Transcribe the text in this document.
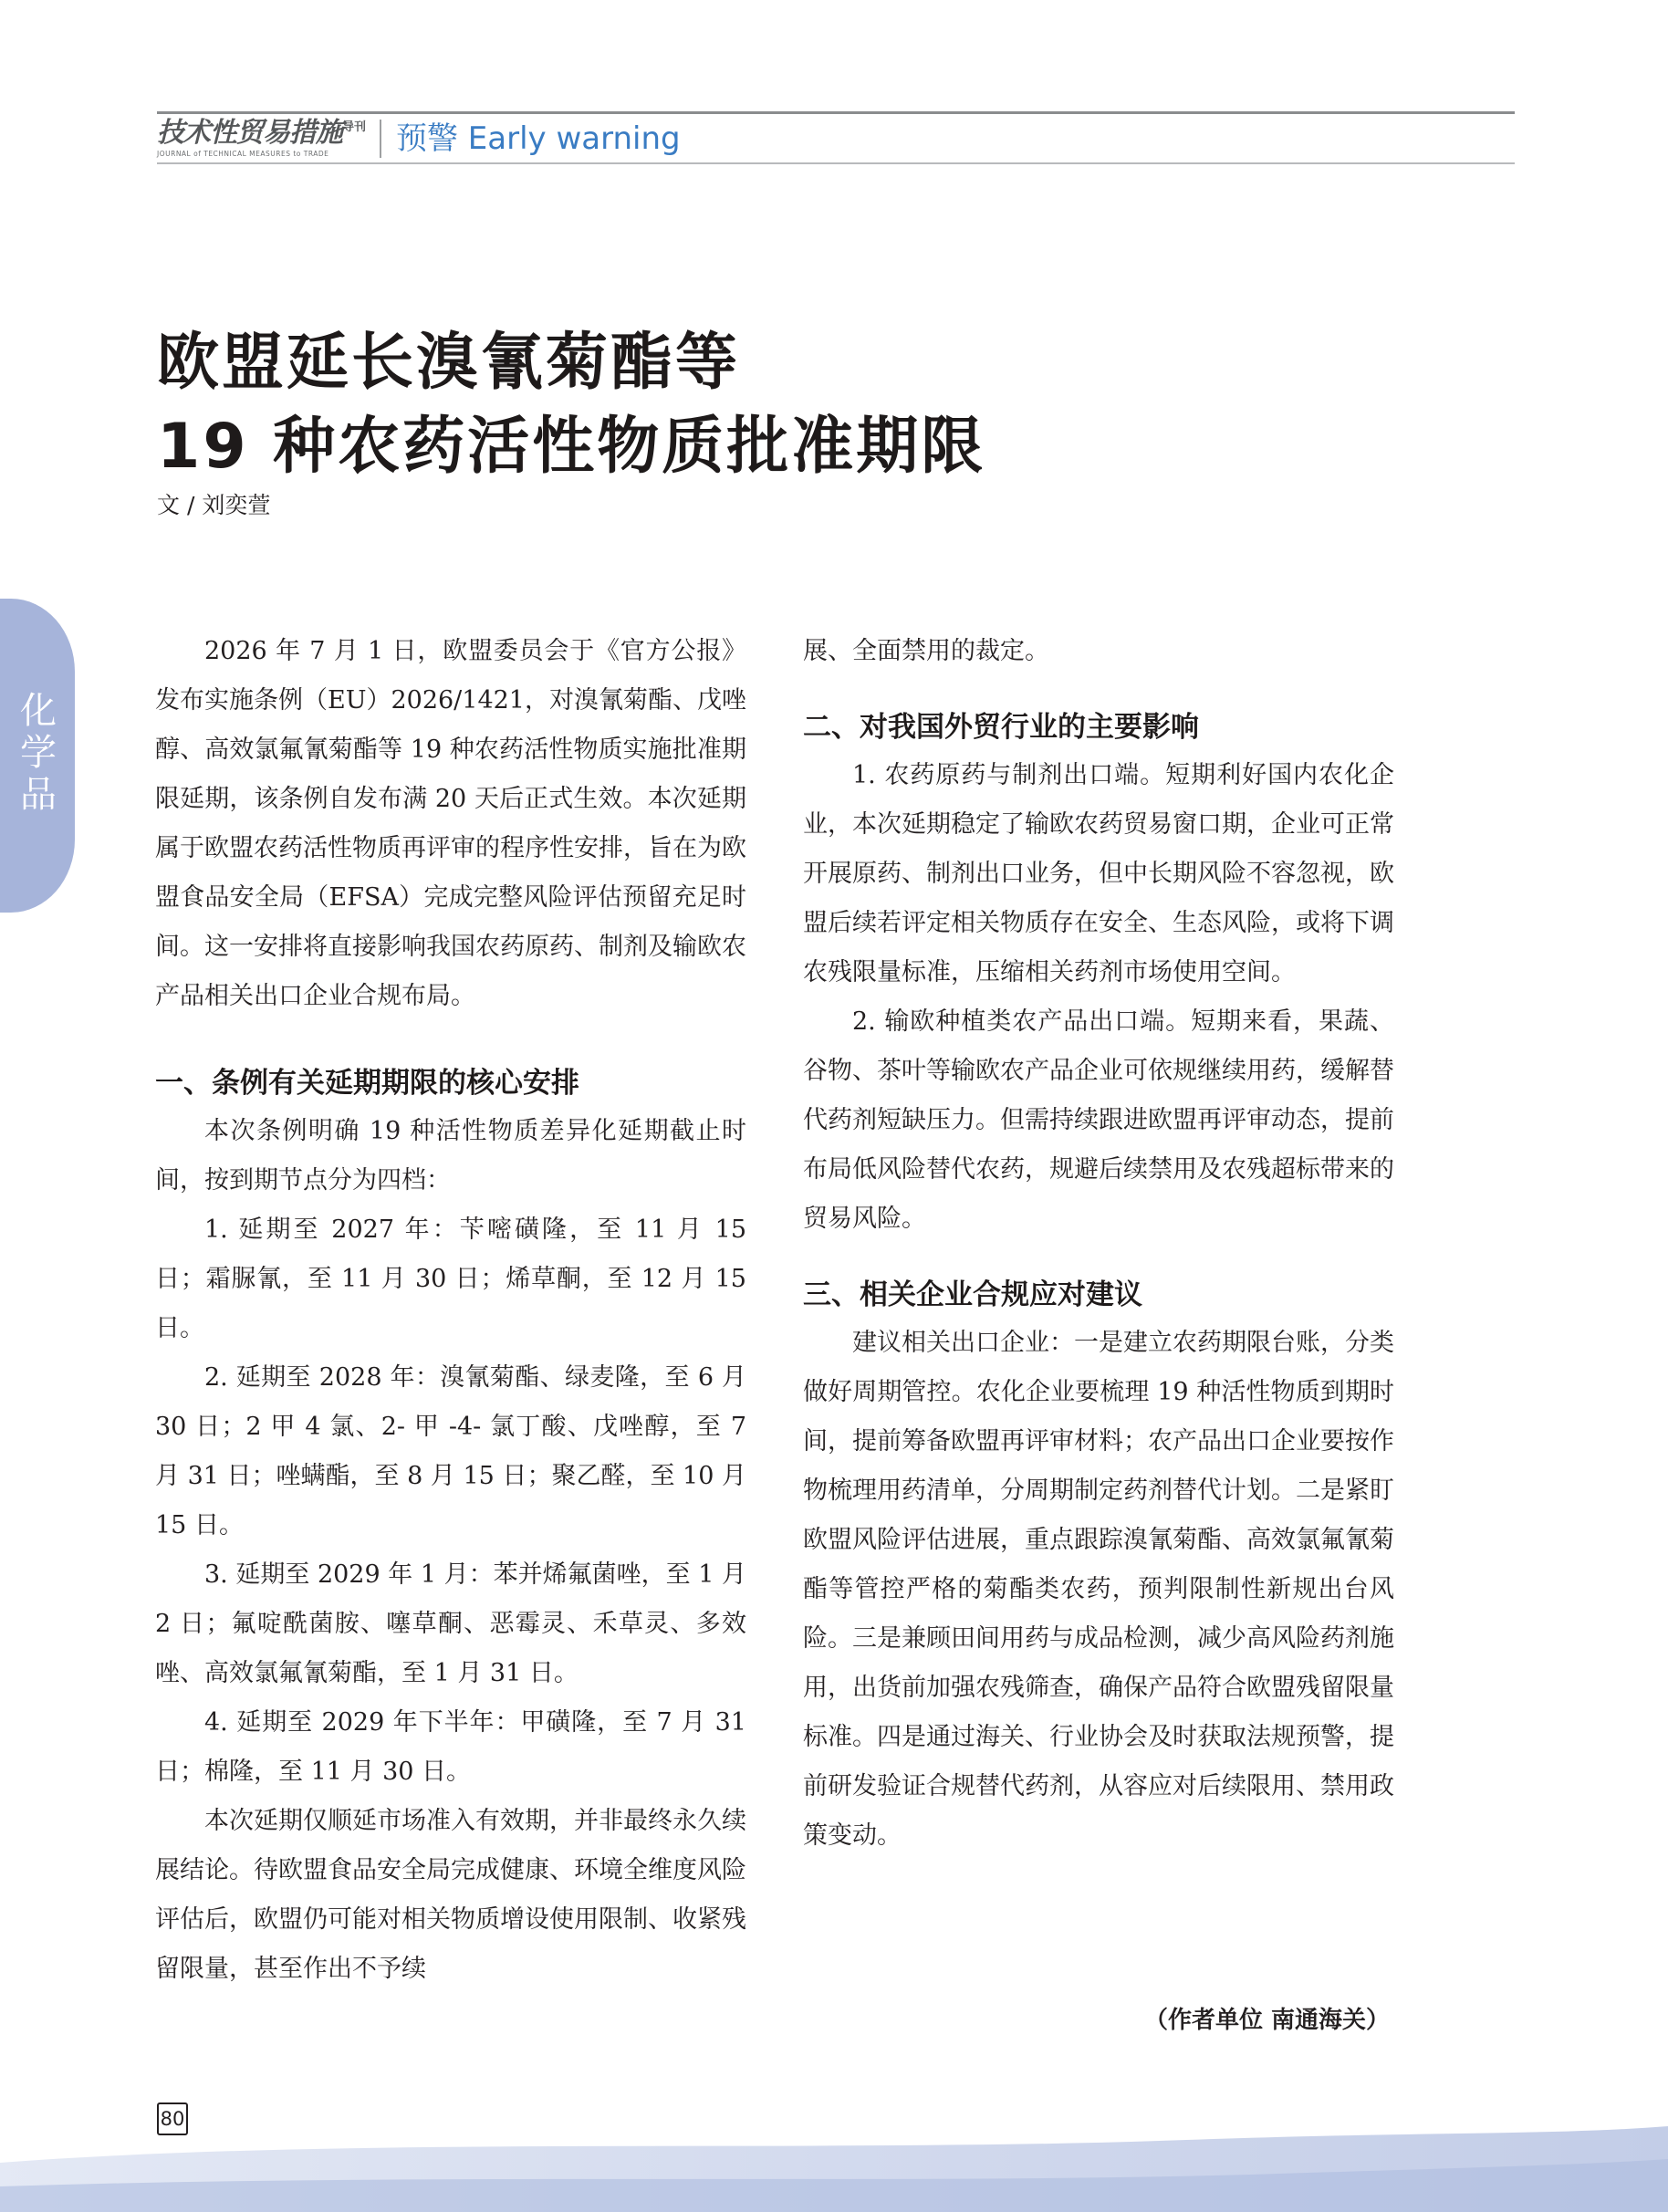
技术性贸易措施$^{导刊}$
JOURNAL of TECHNICAL MEASURES to TRADE	预警 Early warning
化
学
品
欧盟延长溴氰菊酯等
19 种农药活性物质批准期限
文 / 刘奕萱

2026 年 7 月 1 日，欧盟委员会于《官方公报》发布实施条例（EU）2026/1421，对溴氰菊酯、戊唑醇、高效氯氟氰菊酯等 19 种农药活性物质实施批准期限延期，该条例自发布满 20 天后正式生效。本次延期属于欧盟农药活性物质再评审的程序性安排，旨在为欧盟食品安全局（EFSA）完成完整风险评估预留充足时间。这一安排将直接影响我国农药原药、制剂及输欧农产品相关出口企业合规布局。

一、条例有关延期期限的核心安排

本次条例明确 19 种活性物质差异化延期截止时间，按到期节点分为四档：

1. 延期至 2027 年：苄嘧磺隆，至 11 月 15 日；霜脲氰，至 11 月 30 日；烯草酮，至 12 月 15 日。

2. 延期至 2028 年：溴氰菊酯、绿麦隆，至 6 月 30 日；2 甲 4 氯、2- 甲 -4- 氯丁酸、戊唑醇，至 7 月 31 日；唑螨酯，至 8 月 15 日；聚乙醛，至 10 月 15 日。

3. 延期至 2029 年 1 月：苯并烯氟菌唑，至 1 月 2 日；氟啶酰菌胺、噻草酮、恶霉灵、禾草灵、多效唑、高效氯氟氰菊酯，至 1 月 31 日。

4. 延期至 2029 年下半年：甲磺隆，至 7 月 31 日；棉隆，至 11 月 30 日。

本次延期仅顺延市场准入有效期，并非最终永久续展结论。待欧盟食品安全局完成健康、环境全维度风险评估后，欧盟仍可能对相关物质增设使用限制、收紧残留限量，甚至作出不予续

展、全面禁用的裁定。

二、对我国外贸行业的主要影响

1. 农药原药与制剂出口端。短期利好国内农化企业，本次延期稳定了输欧农药贸易窗口期，企业可正常开展原药、制剂出口业务，但中长期风险不容忽视，欧盟后续若评定相关物质存在安全、生态风险，或将下调农残限量标准，压缩相关药剂市场使用空间。

2. 输欧种植类农产品出口端。短期来看，果蔬、谷物、茶叶等输欧农产品企业可依规继续用药，缓解替代药剂短缺压力。但需持续跟进欧盟再评审动态，提前布局低风险替代农药，规避后续禁用及农残超标带来的贸易风险。

三、相关企业合规应对建议

建议相关出口企业：一是建立农药期限台账，分类做好周期管控。农化企业要梳理 19 种活性物质到期时间，提前筹备欧盟再评审材料；农产品出口企业要按作物梳理用药清单，分周期制定药剂替代计划。二是紧盯欧盟风险评估进展，重点跟踪溴氰菊酯、高效氯氟氰菊酯等管控严格的菊酯类农药，预判限制性新规出台风险。三是兼顾田间用药与成品检测，减少高风险药剂施用，出货前加强农残筛查，确保产品符合欧盟残留限量标准。四是通过海关、行业协会及时获取法规预警，提前研发验证合规替代药剂，从容应对后续限用、禁用政策变动。

（作者单位 南通海关）
80
